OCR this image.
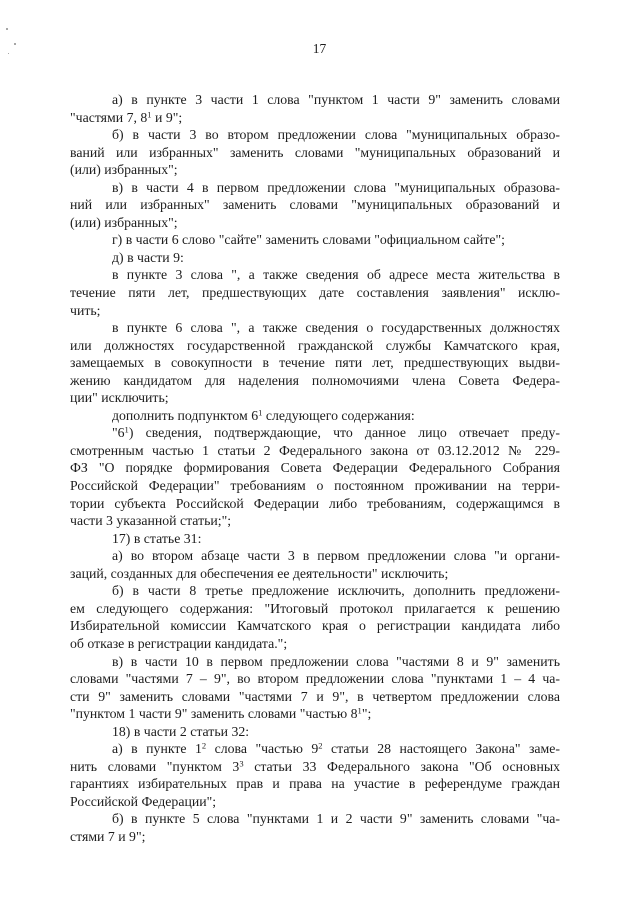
17
а) в пункте 3 части 1 слова "пунктом 1 части 9" заменить словами
"частями 7, $8^1$ и 9";
б) в части 3 во втором предложении слова "муниципальных образо-
ваний или избранных" заменить словами "муниципальных образований и
(или) избранных";
в) в части 4 в первом предложении слова "муниципальных образова-
ний или избранных" заменить словами "муниципальных образований и
(или) избранных";
г) в части 6 слово "сайте" заменить словами "официальном сайте";
д) в части 9:
в пункте 3 слова ", а также сведения об адресе места жительства в
течение пяти лет, предшествующих дате составления заявления" исклю-
чить;
в пункте 6 слова ", а также сведения о государственных должностях
или должностях государственной гражданской службы Камчатского края,
замещаемых в совокупности в течение пяти лет, предшествующих выдви-
жению кандидатом для наделения полномочиями члена Совета Федера-
ции" исключить;
дополнить подпунктом $6^1$ следующего содержания:
"$6^1$) сведения, подтверждающие, что данное лицо отвечает преду-
смотренным частью 1 статьи 2 Федерального закона от 03.12.2012 № 229-
ФЗ "О порядке формирования Совета Федерации Федерального Собрания
Российской Федерации" требованиям о постоянном проживании на терри-
тории субъекта Российской Федерации либо требованиям, содержащимся в
части 3 указанной статьи;";
17) в статье 31:
а) во втором абзаце части 3 в первом предложении слова "и органи-
заций, созданных для обеспечения ее деятельности" исключить;
б) в части 8 третье предложение исключить, дополнить предложени-
ем следующего содержания: "Итоговый протокол прилагается к решению
Избирательной комиссии Камчатского края о регистрации кандидата либо
об отказе в регистрации кандидата.";
в) в части 10 в первом предложении слова "частями 8 и 9" заменить
словами "частями 7 – 9", во втором предложении слова "пунктами 1 – 4 ча-
сти 9" заменить словами "частями 7 и 9", в четвертом предложении слова
"пунктом 1 части 9" заменить словами "частью $8^1$";
18) в части 2 статьи 32:
а) в пункте $1^2$ слова "частью $9^2$ статьи 28 настоящего Закона" заме-
нить словами "пунктом $3^3$ статьи 33 Федерального закона "Об основных
гарантиях избирательных прав и права на участие в референдуме граждан
Российской Федерации";
б) в пункте 5 слова "пунктами 1 и 2 части 9" заменить словами "ча-
стями 7 и 9";
